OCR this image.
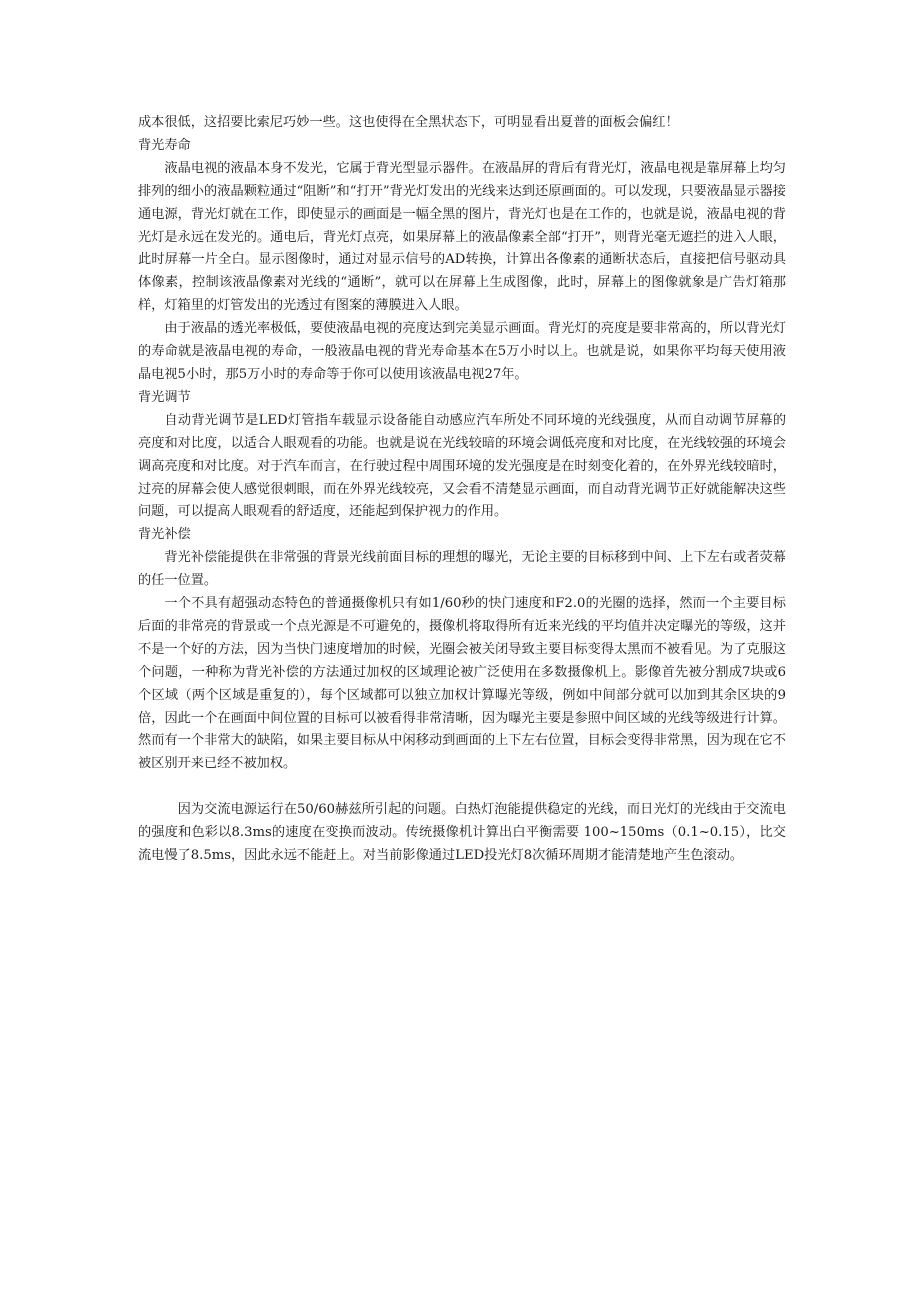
成本很低，这招要比索尼巧妙一些。这也使得在全黑状态下，可明显看出夏普的面板会偏红！

背光寿命

液晶电视的液晶本身不发光，它属于背光型显示器件。在液晶屏的背后有背光灯，液晶电视是靠屏幕上均匀排列的细小的液晶颗粒通过“阻断”和“打开”背光灯发出的光线来达到还原画面的。可以发现，只要液晶显示器接通电源，背光灯就在工作，即使显示的画面是一幅全黑的图片，背光灯也是在工作的，也就是说，液晶电视的背光灯是永远在发光的。通电后，背光灯点亮，如果屏幕上的液晶像素全部“打开”，则背光毫无遮拦的进入人眼，此时屏幕一片全白。显示图像时，通过对显示信号的AD转换，计算出各像素的通断状态后，直接把信号驱动具体像素，控制该液晶像素对光线的“通断”，就可以在屏幕上生成图像，此时，屏幕上的图像就象是广告灯箱那样，灯箱里的灯管发出的光透过有图案的薄膜进入人眼。

由于液晶的透光率极低，要使液晶电视的亮度达到完美显示画面。背光灯的亮度是要非常高的，所以背光灯的寿命就是液晶电视的寿命，一般液晶电视的背光寿命基本在5万小时以上。也就是说，如果你平均每天使用液晶电视5小时，那5万小时的寿命等于你可以使用该液晶电视27年。

背光调节

自动背光调节是LED灯管指车载显示设备能自动感应汽车所处不同环境的光线强度，从而自动调节屏幕的亮度和对比度，以适合人眼观看的功能。也就是说在光线较暗的环境会调低亮度和对比度，在光线较强的环境会调高亮度和对比度。对于汽车而言，在行驶过程中周围环境的发光强度是在时刻变化着的，在外界光线较暗时，过亮的屏幕会使人感觉很刺眼，而在外界光线较亮，又会看不清楚显示画面，而自动背光调节正好就能解决这些问题，可以提高人眼观看的舒适度，还能起到保护视力的作用。

背光补偿

背光补偿能提供在非常强的背景光线前面目标的理想的曝光，无论主要的目标移到中间、上下左右或者荧幕的任一位置。

一个不具有超强动态特色的普通摄像机只有如1/60秒的快门速度和F2.0的光圈的选择，然而一个主要目标后面的非常亮的背景或一个点光源是不可避免的，摄像机将取得所有近来光线的平均值并决定曝光的等级，这并不是一个好的方法，因为当快门速度增加的时候，光圈会被关闭导致主要目标变得太黑而不被看见。为了克服这个问题，一种称为背光补偿的方法通过加权的区域理论被广泛使用在多数摄像机上。影像首先被分割成7块或6个区域（两个区域是重复的），每个区域都可以独立加权计算曝光等级，例如中间部分就可以加到其余区块的9倍，因此一个在画面中间位置的目标可以被看得非常清晰，因为曝光主要是参照中间区域的光线等级进行计算。然而有一个非常大的缺陷，如果主要目标从中闲移动到画面的上下左右位置，目标会变得非常黑，因为现在它不被区别开来已经不被加权。

因为交流电源运行在50/60赫兹所引起的问题。白热灯泡能提供稳定的光线，而日光灯的光线由于交流电的强度和色彩以8.3ms的速度在变换而波动。传统摄像机计算出白平衡需要 100~150ms（0.1~0.15），比交流电慢了8.5ms，因此永远不能赶上。对当前影像通过LED投光灯8次循环周期才能清楚地产生色滚动。
